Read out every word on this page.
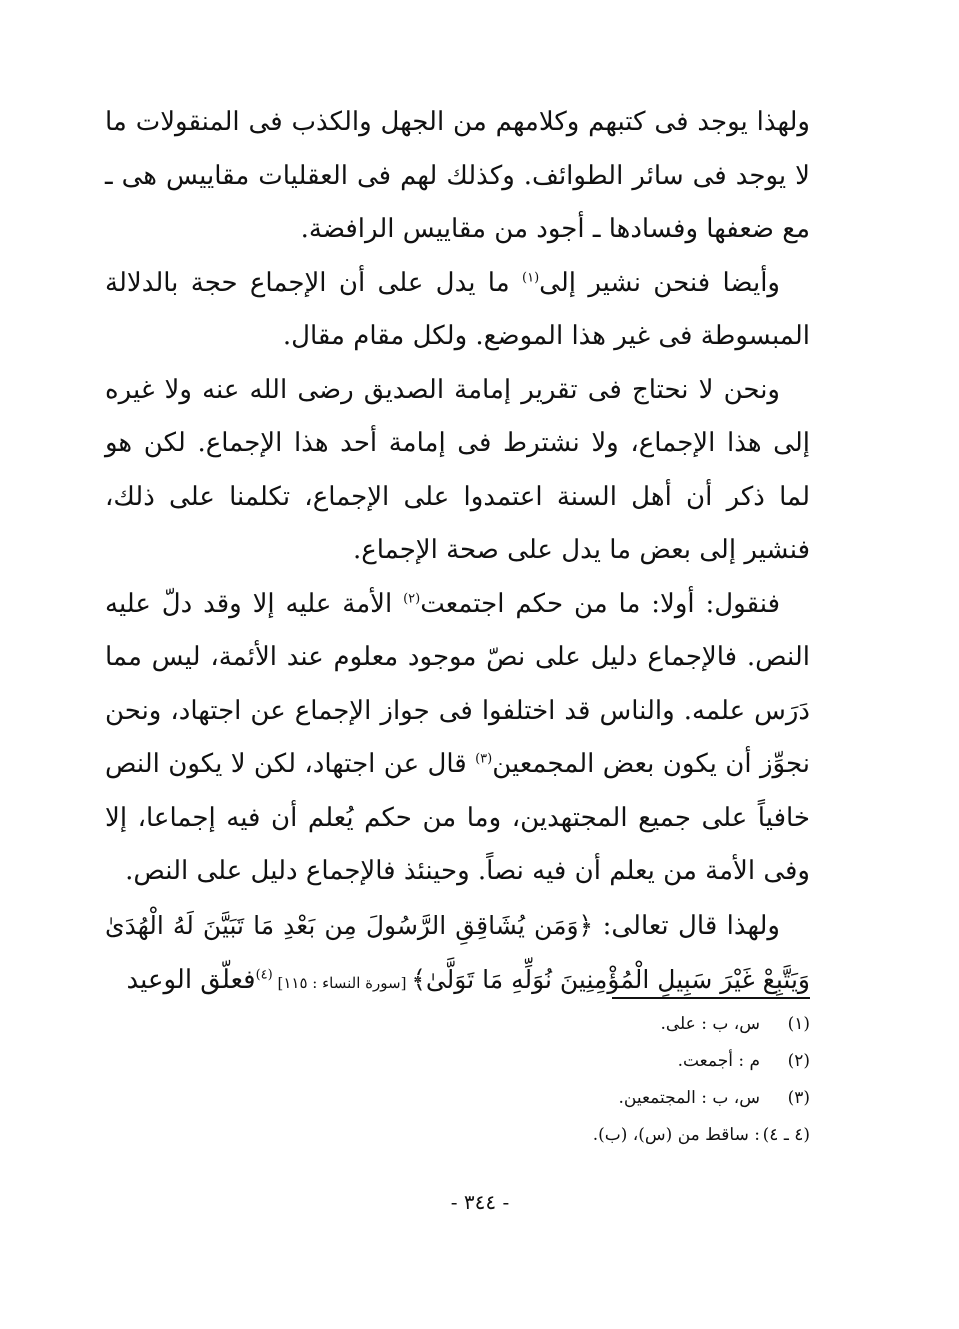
ولهذا يوجد فى كتبهم وكلامهم من الجهل والكذب فى المنقولات ما لا يوجد فى سائر الطوائف. وكذلك لهم فى العقليات مقاييس هى ـ مع ضعفها وفسادها ـ أجود من مقاييس الرافضة.

وأيضا فنحن نشير إلى$^{(١)}$ ما يدل على أن الإجماع حجة بالدلالة المبسوطة فى غير هذا الموضع. ولكل مقام مقال.

ونحن لا نحتاج فى تقرير إمامة الصديق رضى الله عنه ولا غيره إلى هذا الإجماع، ولا نشترط فى إمامة أحد هذا الإجماع. لكن هو لما ذكر أن أهل السنة اعتمدوا على الإجماع، تكلمنا على ذلك، فنشير إلى بعض ما يدل على صحة الإجماع.

فنقول: أولا: ما من حكم اجتمعت$^{(٢)}$ الأمة عليه إلا وقد دلّ عليه النص. فالإجماع دليل على نصّ موجود معلوم عند الأئمة، ليس مما دَرَس علمه. والناس قد اختلفوا فى جواز الإجماع عن اجتهاد، ونحن نجوِّز أن يكون بعض المجمعين$^{(٣)}$ قال عن اجتهاد، لكن لا يكون النص خافياً على جميع المجتهدين، وما من حكم يُعلم أن فيه إجماعا، إلا وفى الأمة من يعلم أن فيه نصاً. وحينئذ فالإجماع دليل على النص.

ولهذا قال تعالى: ﴿وَمَن يُشَاقِقِ الرَّسُولَ مِن بَعْدِ مَا تَبَيَّنَ لَهُ الْهُدَىٰ وَيَتَّبِعْ غَيْرَ سَبِيلِ الْمُؤْمِنِينَ نُوَلِّهِ مَا تَوَلَّىٰ﴾ [سورة النساء : ١١٥] $^{(٤)}$فعلّق الوعيد

(١)
س، ب : على.
(٢)
م : أجمعت.
(٣)
س، ب : المجتمعين.
(٤ ـ ٤)
: ساقط من (س)، (ب).
- ٣٤٤ -
